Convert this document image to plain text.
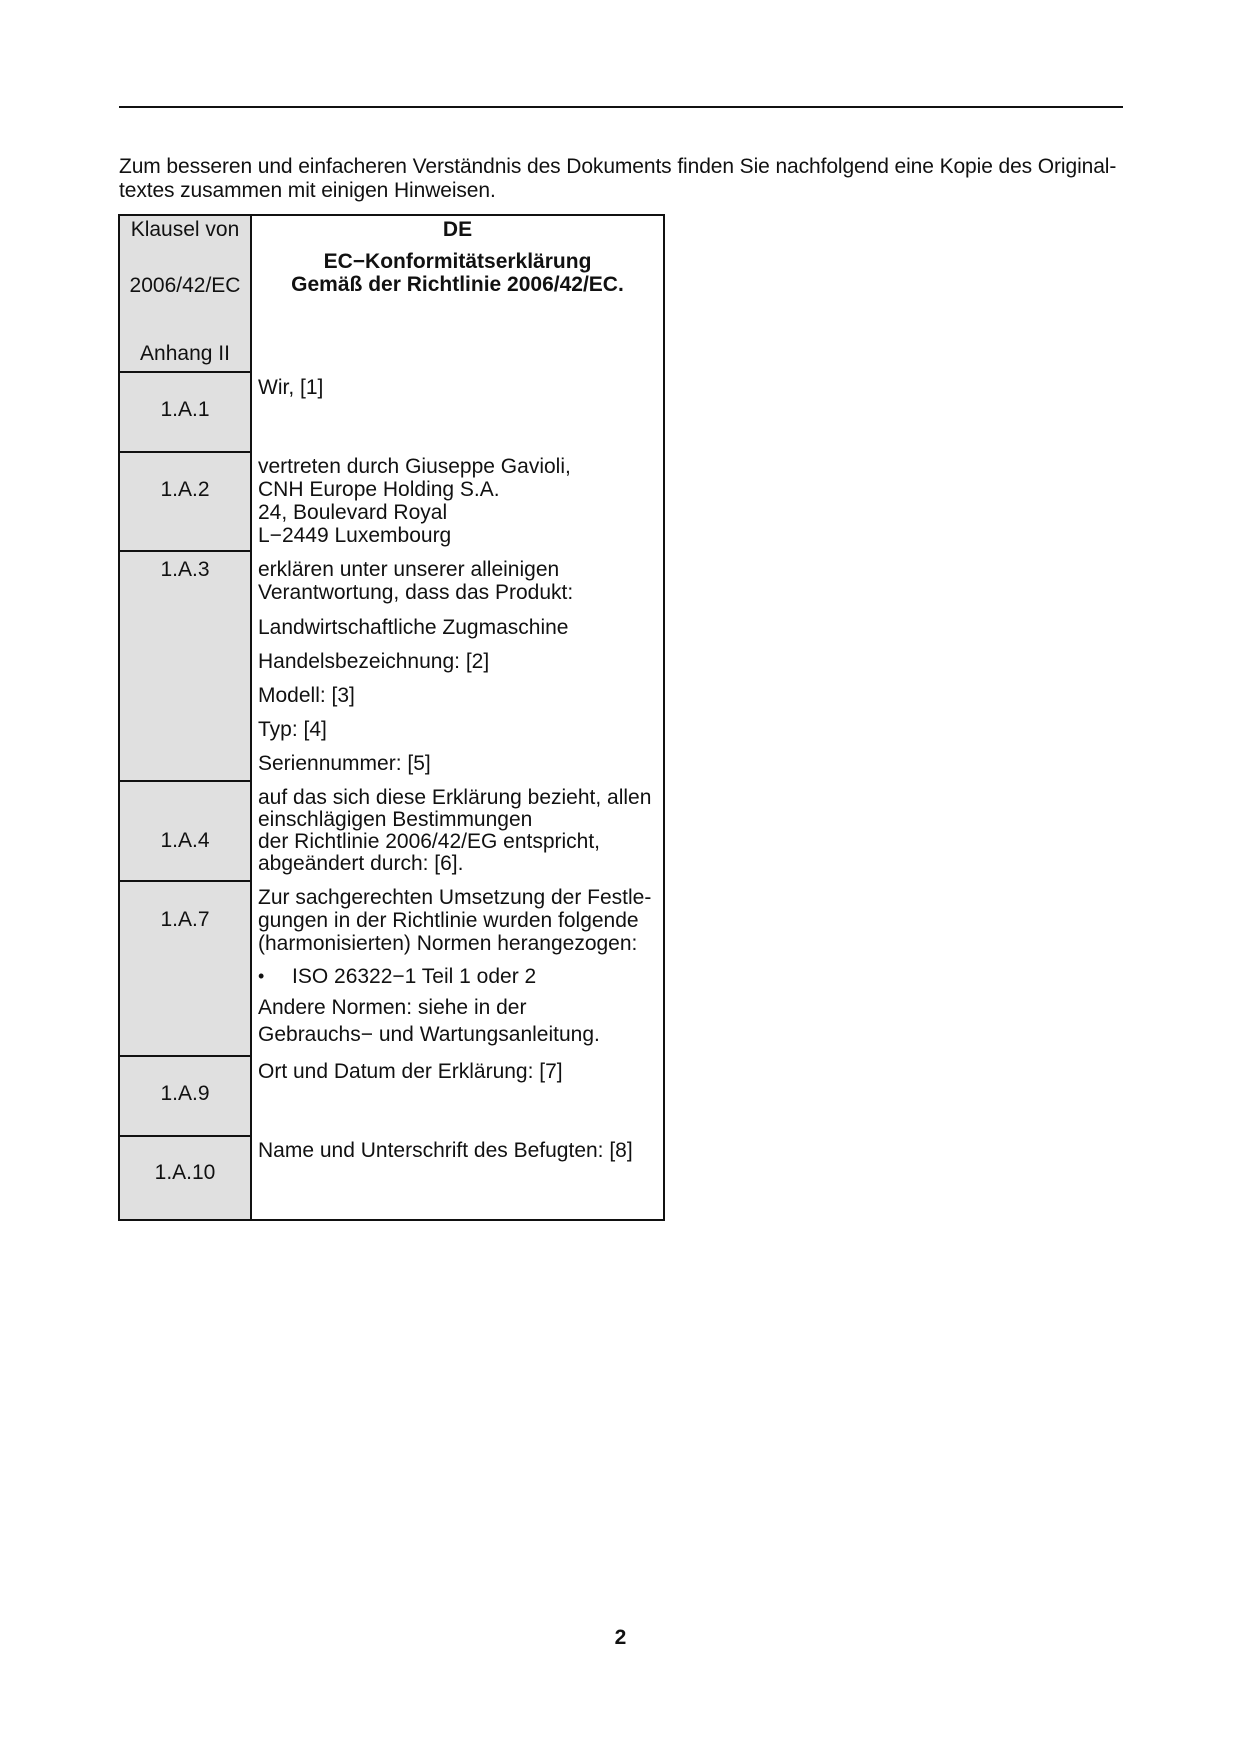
Zum besseren und einfacheren Verständnis des Dokuments finden Sie nachfolgend eine Kopie des Original-
textes zusammen mit einigen Hinweisen.
Klausel von
2006/42/EC
Anhang II
DE
EC−Konformitätserklärung
Gemäß der Richtlinie 2006/42/EC.
1.A.1
Wir, [1]
1.A.2
vertreten durch Giuseppe Gavioli,
CNH Europe Holding S.A.
24, Boulevard Royal
L−2449 Luxembourg
1.A.3	erklären unter unserer alleinigen
Verantwortung, dass das Produkt:
Landwirtschaftliche Zugmaschine
Handelsbezeichnung: [2]
Modell: [3]
Typ: [4]
Seriennummer: [5]
1.A.4
auf das sich diese Erklärung bezieht, allen
einschlägigen Bestimmungen
der Richtlinie 2006/42/EG entspricht,
abgeändert durch: [6].
1.A.7
Zur sachgerechten Umsetzung der Festle-
gungen in der Richtlinie wurden folgende
(harmonisierten) Normen herangezogen:
• ISO 26322−1 Teil 1 oder 2
Andere Normen: siehe in der
Gebrauchs− und Wartungsanleitung.
1.A.9
Ort und Datum der Erklärung: [7]
1.A.10
Name und Unterschrift des Befugten: [8]
2
